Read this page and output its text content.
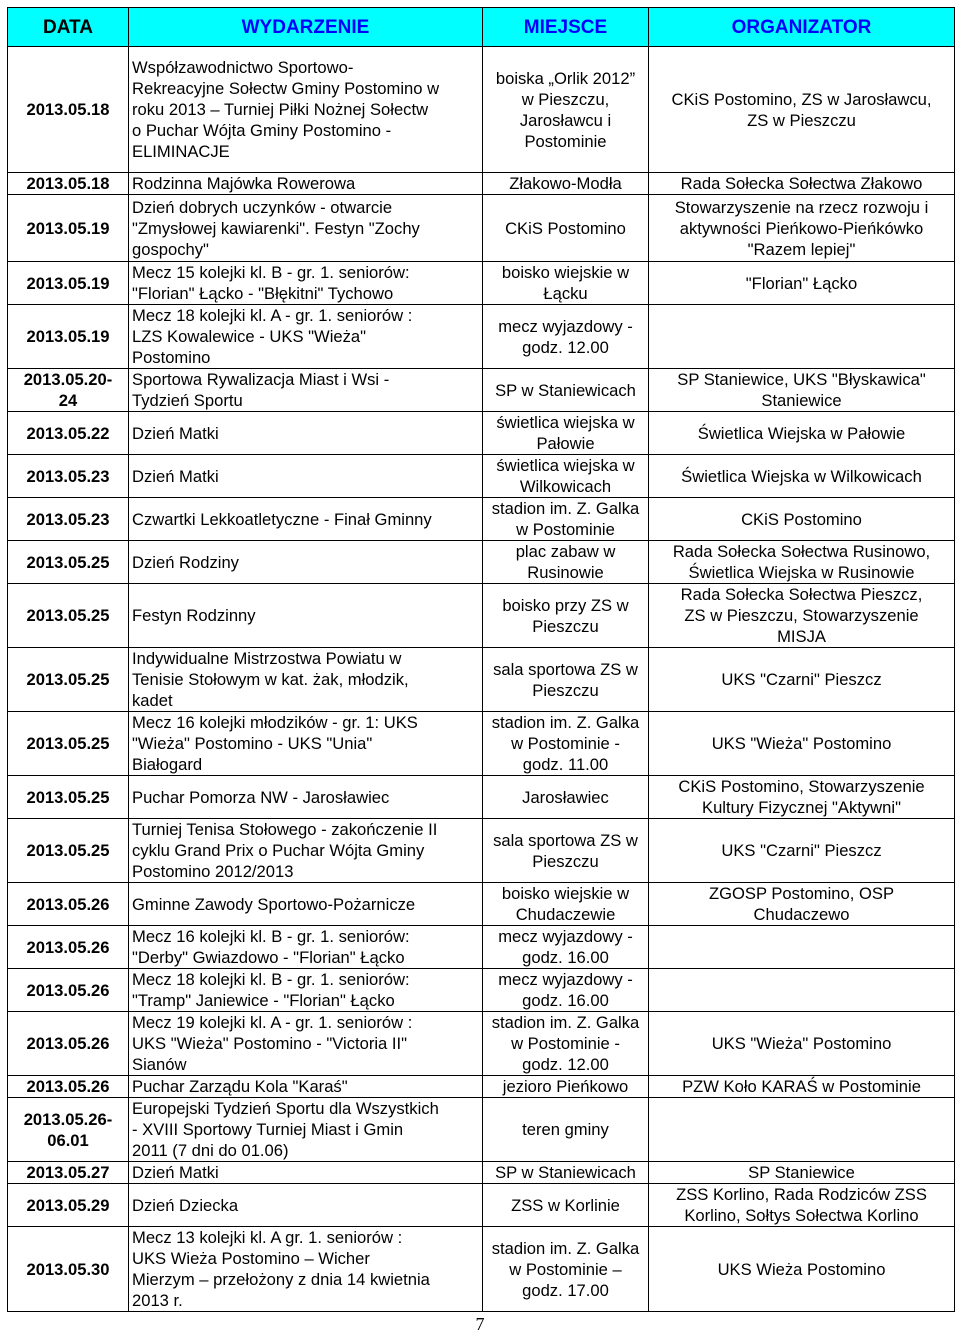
DATA	WYDARZENIE	MIEJSCE	ORGANIZATOR
2013.05.18	Współzawodnictwo Sportowo-
Rekreacyjne Sołectw Gminy Postomino w
roku 2013 – Turniej Piłki Nożnej Sołectw
o Puchar Wójta Gminy Postomino -
ELIMINACJE	boiska „Orlik 2012”
w Pieszczu,
Jarosławcu i
Postominie	CKiS Postomino, ZS w Jarosławcu,
ZS w Pieszczu
2013.05.18	Rodzinna Majówka Rowerowa	Złakowo-Modła	Rada Sołecka Sołectwa Złakowo
2013.05.19	Dzień dobrych uczynków - otwarcie
"Zmysłowej kawiarenki". Festyn "Zochy
gospochy"	CKiS Postomino	Stowarzyszenie na rzecz rozwoju i
aktywności Pieńkowo-Pieńkówko
"Razem lepiej"
2013.05.19	Mecz 15 kolejki kl. B - gr. 1. seniorów:
"Florian" Łącko - "Błękitni" Tychowo	boisko wiejskie w
Łącku	"Florian" Łącko
2013.05.19	Mecz 18 kolejki kl. A - gr. 1. seniorów :
LZS Kowalewice - UKS "Wieża"
Postomino	mecz wyjazdowy -
godz. 12.00	
2013.05.20-
24	Sportowa Rywalizacja Miast i Wsi -
Tydzień Sportu	SP w Staniewicach	SP Staniewice, UKS "Błyskawica"
Staniewice
2013.05.22	Dzień Matki	świetlica wiejska w
Pałowie	Świetlica Wiejska w Pałowie
2013.05.23	Dzień Matki	świetlica wiejska w
Wilkowicach	Świetlica Wiejska w Wilkowicach
2013.05.23	Czwartki Lekkoatletyczne - Finał Gminny	stadion im. Z. Galka
w Postominie	CKiS Postomino
2013.05.25	Dzień Rodziny	plac zabaw w
Rusinowie	Rada Sołecka Sołectwa Rusinowo,
Świetlica Wiejska w Rusinowie
2013.05.25	Festyn Rodzinny	boisko przy ZS w
Pieszczu	Rada Sołecka Sołectwa Pieszcz,
ZS w Pieszczu, Stowarzyszenie
MISJA
2013.05.25	Indywidualne Mistrzostwa Powiatu w
Tenisie Stołowym w kat. żak, młodzik,
kadet	sala sportowa ZS w
Pieszczu	UKS "Czarni" Pieszcz
2013.05.25	Mecz 16 kolejki młodzików - gr. 1: UKS
"Wieża" Postomino - UKS "Unia"
Białogard	stadion im. Z. Galka
w Postominie -
godz. 11.00	UKS "Wieża" Postomino
2013.05.25	Puchar Pomorza NW - Jarosławiec	Jarosławiec	CKiS Postomino, Stowarzyszenie
Kultury Fizycznej "Aktywni"
2013.05.25	Turniej Tenisa Stołowego - zakończenie II
cyklu Grand Prix o Puchar Wójta Gminy
Postomino 2012/2013	sala sportowa ZS w
Pieszczu	UKS "Czarni" Pieszcz
2013.05.26	Gminne Zawody Sportowo-Pożarnicze	boisko wiejskie w
Chudaczewie	ZGOSP Postomino, OSP
Chudaczewo
2013.05.26	Mecz 16 kolejki kl. B - gr. 1. seniorów:
"Derby" Gwiazdowo - "Florian" Łącko	mecz wyjazdowy -
godz. 16.00	
2013.05.26	Mecz 18 kolejki kl. B - gr. 1. seniorów:
"Tramp" Janiewice - "Florian" Łącko	mecz wyjazdowy -
godz. 16.00	
2013.05.26	Mecz 19 kolejki kl. A - gr. 1. seniorów :
UKS "Wieża" Postomino - "Victoria II"
Sianów	stadion im. Z. Galka
w Postominie -
godz. 12.00	UKS "Wieża" Postomino
2013.05.26	Puchar Zarządu Kola "Karaś"	jezioro Pieńkowo	PZW Koło KARAŚ w Postominie
2013.05.26-
06.01	Europejski Tydzień Sportu dla Wszystkich
- XVIII Sportowy Turniej Miast i Gmin
2011 (7 dni do 01.06)	teren gminy	
2013.05.27	Dzień Matki	SP w Staniewicach	SP Staniewice
2013.05.29	Dzień Dziecka	ZSS w Korlinie	ZSS Korlino, Rada Rodziców ZSS
Korlino, Sołtys Sołectwa Korlino
2013.05.30	Mecz 13 kolejki kl. A gr. 1. seniorów :
UKS Wieża Postomino – Wicher
Mierzym – przełożony z dnia 14 kwietnia
2013 r.	stadion im. Z. Galka
w Postominie –
godz. 17.00	UKS Wieża Postomino
7
